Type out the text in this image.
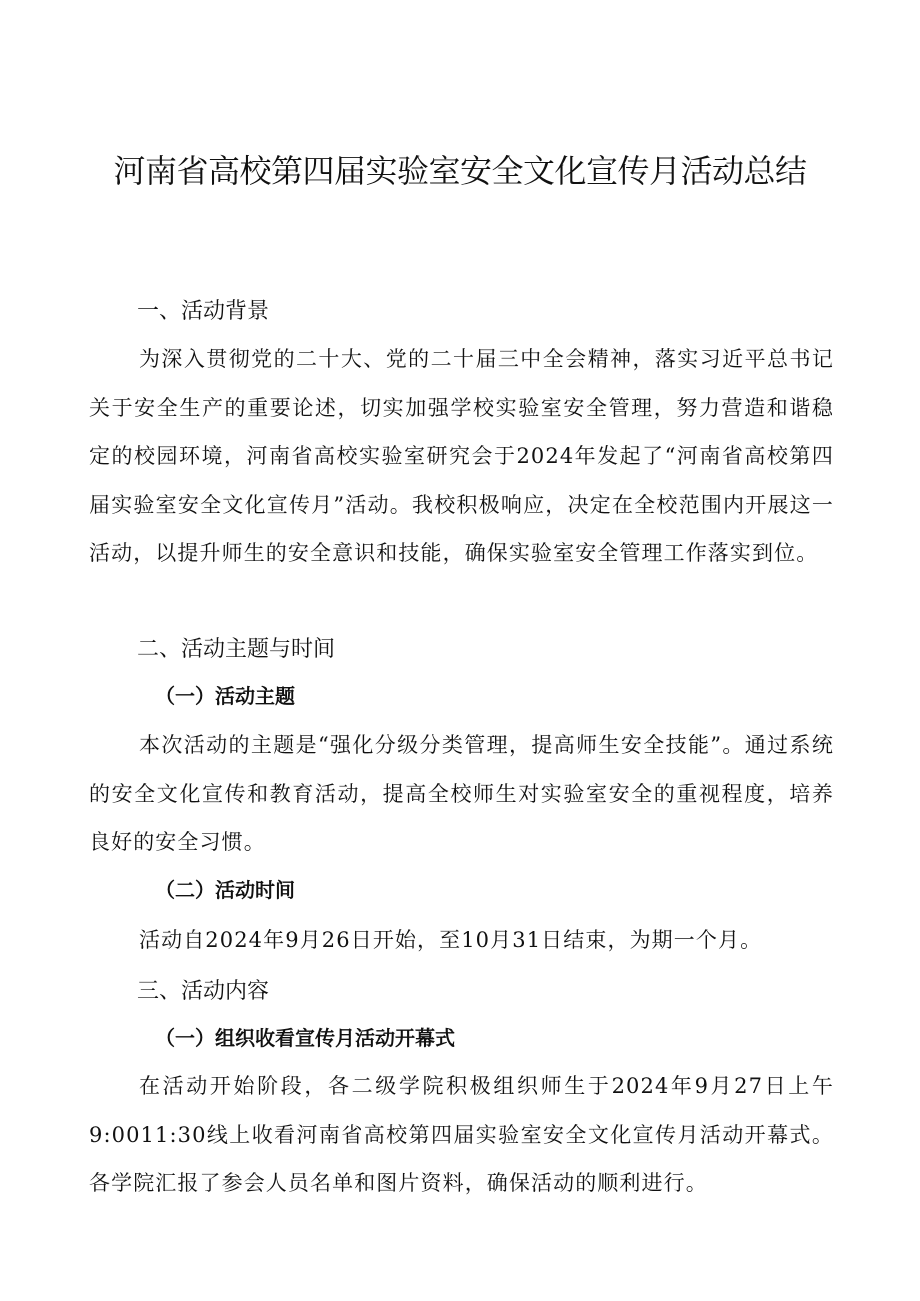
河南省高校第四届实验室安全文化宣传月活动总结
一、活动背景

为深入贯彻党的二十大、党的二十届三中全会精神，落实习近平总书记关于安全生产的重要论述，切实加强学校实验室安全管理，努力营造和谐稳定的校园环境，河南省高校实验室研究会于2024年发起了“河南省高校第四届实验室安全文化宣传月”活动。我校积极响应，决定在全校范围内开展这一活动，以提升师生的安全意识和技能，确保实验室安全管理工作落实到位。

二、活动主题与时间
（一）活动主题

本次活动的主题是“强化分级分类管理，提高师生安全技能”。通过系统的安全文化宣传和教育活动，提高全校师生对实验室安全的重视程度，培养良好的安全习惯。

（二）活动时间

活动自2024年9月26日开始，至10月31日结束，为期一个月。

三、活动内容
（一）组织收看宣传月活动开幕式

在活动开始阶段，各二级学院积极组织师生于2024年9月27日上午9:0011:30线上收看河南省高校第四届实验室安全文化宣传月活动开幕式。各学院汇报了参会人员名单和图片资料，确保活动的顺利进行。
